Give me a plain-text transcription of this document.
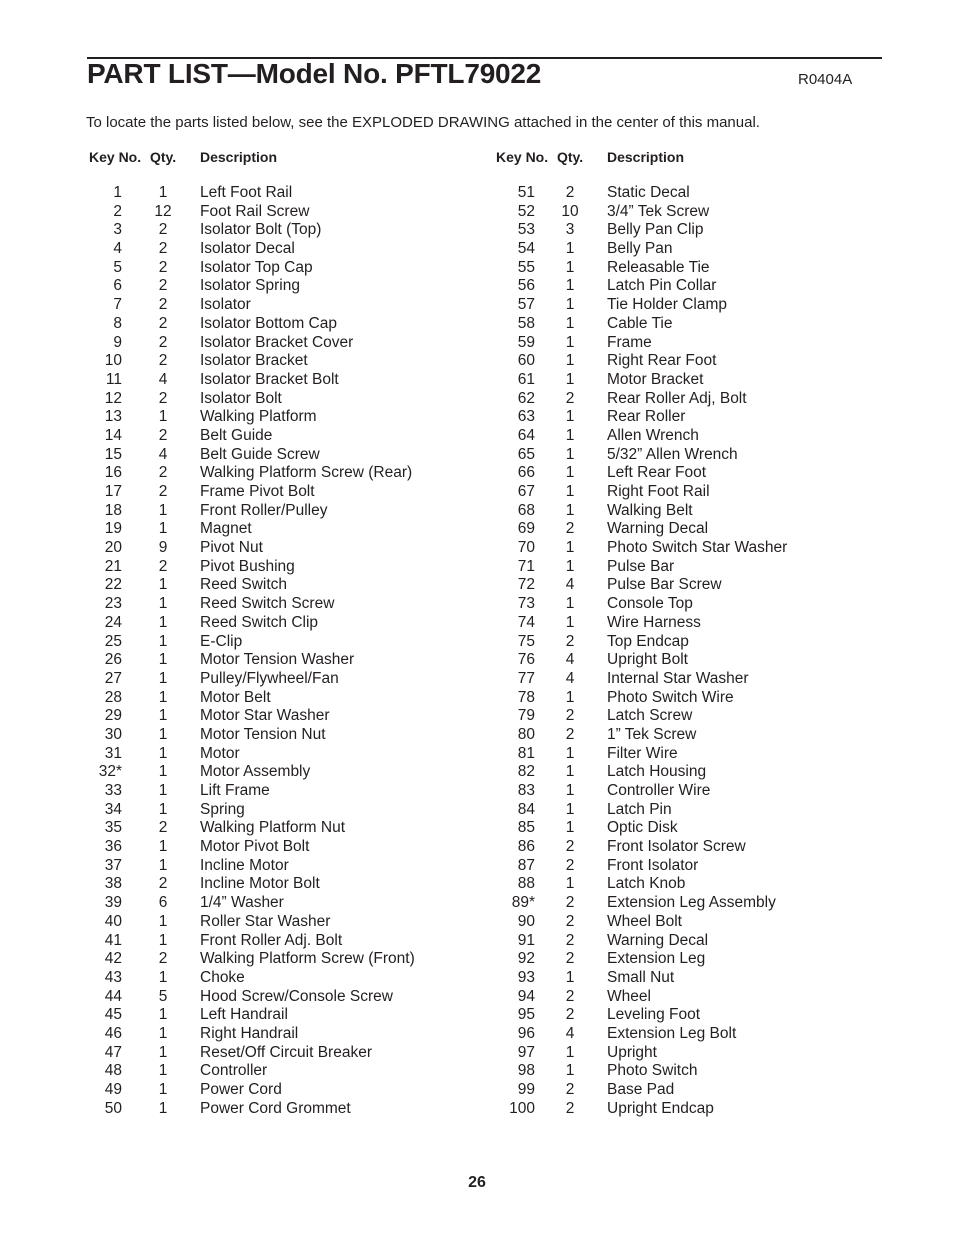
PART LIST—Model No. PFTL79022	R0404A
To locate the parts listed below, see the EXPLODED DRAWING attached in the center of this manual.
Key No. Qty. Description
1	1	Left Foot Rail
2	12	Foot Rail Screw
3	2	Isolator Bolt (Top)
4	2	Isolator Decal
5	2	Isolator Top Cap
6	2	Isolator Spring
7	2	Isolator
8	2	Isolator Bottom Cap
9	2	Isolator Bracket Cover
10	2	Isolator Bracket
11	4	Isolator Bracket Bolt
12	2	Isolator Bolt
13	1	Walking Platform
14	2	Belt Guide
15	4	Belt Guide Screw
16	2	Walking Platform Screw (Rear)
17	2	Frame Pivot Bolt
18	1	Front Roller/Pulley
19	1	Magnet
20	9	Pivot Nut
21	2	Pivot Bushing
22	1	Reed Switch
23	1	Reed Switch Screw
24	1	Reed Switch Clip
25	1	E-Clip
26	1	Motor Tension Washer
27	1	Pulley/Flywheel/Fan
28	1	Motor Belt
29	1	Motor Star Washer
30	1	Motor Tension Nut
31	1	Motor
32*	1	Motor Assembly
33	1	Lift Frame
34	1	Spring
35	2	Walking Platform Nut
36	1	Motor Pivot Bolt
37	1	Incline Motor
38	2	Incline Motor Bolt
39	6	1/4” Washer
40	1	Roller Star Washer
41	1	Front Roller Adj. Bolt
42	2	Walking Platform Screw (Front)
43	1	Choke
44	5	Hood Screw/Console Screw
45	1	Left Handrail
46	1	Right Handrail
47	1	Reset/Off Circuit Breaker
48	1	Controller
49	1	Power Cord
50	1	Power Cord Grommet
Key No. Qty. Description
51	2	Static Decal
52	10	3/4” Tek Screw
53	3	Belly Pan Clip
54	1	Belly Pan
55	1	Releasable Tie
56	1	Latch Pin Collar
57	1	Tie Holder Clamp
58	1	Cable Tie
59	1	Frame
60	1	Right Rear Foot
61	1	Motor Bracket
62	2	Rear Roller Adj, Bolt
63	1	Rear Roller
64	1	Allen Wrench
65	1	5/32” Allen Wrench
66	1	Left Rear Foot
67	1	Right Foot Rail
68	1	Walking Belt
69	2	Warning Decal
70	1	Photo Switch Star Washer
71	1	Pulse Bar
72	4	Pulse Bar Screw
73	1	Console Top
74	1	Wire Harness
75	2	Top Endcap
76	4	Upright Bolt
77	4	Internal Star Washer
78	1	Photo Switch Wire
79	2	Latch Screw
80	2	1” Tek Screw
81	1	Filter Wire
82	1	Latch Housing
83	1	Controller Wire
84	1	Latch Pin
85	1	Optic Disk
86	2	Front Isolator Screw
87	2	Front Isolator
88	1	Latch Knob
89*	2	Extension Leg Assembly
90	2	Wheel Bolt
91	2	Warning Decal
92	2	Extension Leg
93	1	Small Nut
94	2	Wheel
95	2	Leveling Foot
96	4	Extension Leg Bolt
97	1	Upright
98	1	Photo Switch
99	2	Base Pad
100	2	Upright Endcap
26
